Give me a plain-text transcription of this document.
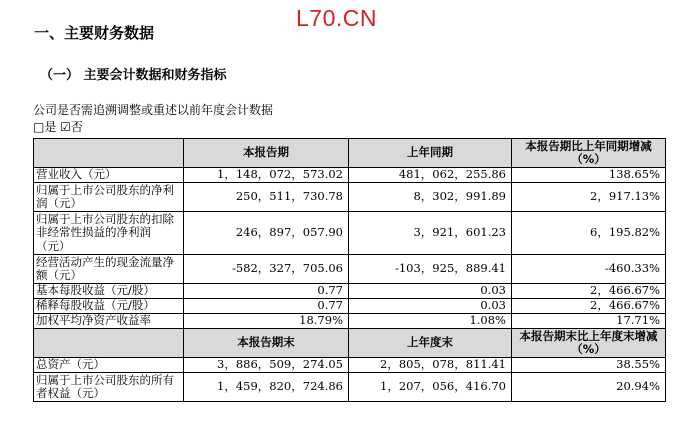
L70.CN
一、主要财务数据
（一） 主要会计数据和财务指标
公司是否需追溯调整或重述以前年度会计数据
□是 ☑否
	本报告期	上年同期	本报告期比上年同期增减（%）
营业收入（元）	1，148，072，573.02	481，062，255.86	138.65%
归属于上市公司股东的净利润（元）	250，511，730.78	8，302，991.89	2，917.13%
归属于上市公司股东的扣除非经常性损益的净利润（元）	246，897，057.90	3，921，601.23	6，195.82%
经营活动产生的现金流量净额（元）	-582，327，705.06	-103，925，889.41	-460.33%
基本每股收益（元/股）	0.77	0.03	2，466.67%
稀释每股收益（元/股）	0.77	0.03	2，466.67%
加权平均净资产收益率	18.79%	1.08%	17.71%
	本报告期末	上年度末	本报告期末比上年度末增减（%）
总资产（元）	3，886，509，274.05	2，805，078，811.41	38.55%
归属于上市公司股东的所有者权益（元）	1，459，820，724.86	1，207，056，416.70	20.94%
